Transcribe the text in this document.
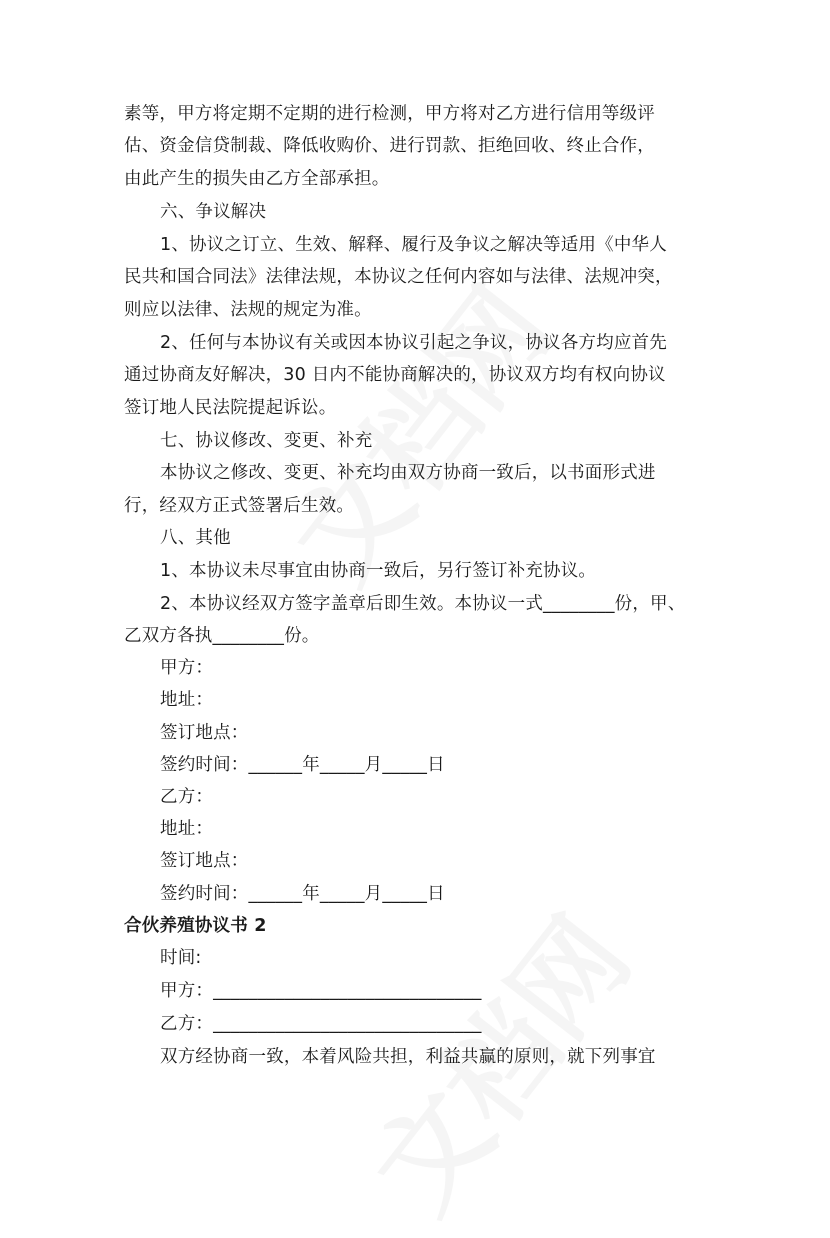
素等，甲方将定期不定期的进行检测，甲方将对乙方进行信用等级评
估、资金信贷制裁、降低收购价、进行罚款、拒绝回收、终止合作，
由此产生的损失由乙方全部承担。
六、争议解决
1、协议之订立、生效、解释、履行及争议之解决等适用《中华人
民共和国合同法》法律法规，本协议之任何内容如与法律、法规冲突，
则应以法律、法规的规定为准。
2、任何与本协议有关或因本协议引起之争议，协议各方均应首先
通过协商友好解决，30 日内不能协商解决的，协议双方均有权向协议
签订地人民法院提起诉讼。
七、协议修改、变更、补充
本协议之修改、变更、补充均由双方协商一致后，以书面形式进
行，经双方正式签署后生效。
八、其他
1、本协议未尽事宜由协商一致后，另行签订补充协议。
2、本协议经双方签字盖章后即生效。本协议一式________份，甲、
乙双方各执________份。
甲方：
地址：
签订地点：
签约时间：______年_____月_____日
乙方：
地址：
签订地点：
签约时间：______年_____月_____日
合伙养殖协议书 2
时间:
甲方：______________________________
乙方：______________________________
双方经协商一致，本着风险共担，利益共赢的原则，就下列事宜
